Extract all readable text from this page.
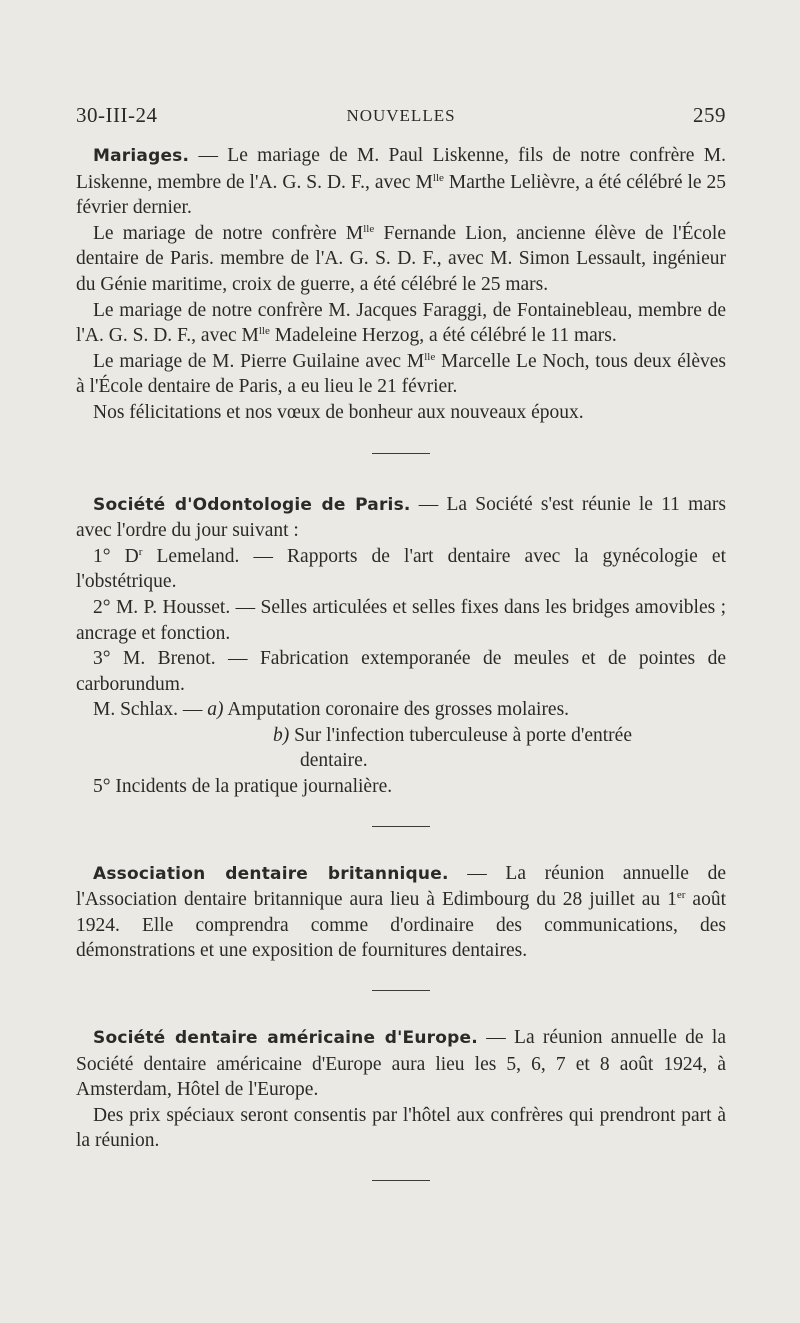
30-III-24	NOUVELLES	259

Mariages. — Le mariage de M. Paul Liskenne, fils de notre confrère M. Liskenne, membre de l'A. G. S. D. F., avec $M^{lle}$ Marthe Lelièvre, a été célébré le 25 février dernier.

Le mariage de notre confrère $M^{lle}$ Fernande Lion, ancienne élève de l'École dentaire de Paris. membre de l'A. G. S. D. F., avec M. Simon Lessault, ingénieur du Génie maritime, croix de guerre, a été célébré le 25 mars.

Le mariage de notre confrère M. Jacques Faraggi, de Fontainebleau, membre de l'A. G. S. D. F., avec $M^{lle}$ Madeleine Herzog, a été célébré le 11 mars.

Le mariage de M. Pierre Guilaine avec $M^{lle}$ Marcelle Le Noch, tous deux élèves à l'École dentaire de Paris, a eu lieu le 21 février.

Nos félicitations et nos vœux de bonheur aux nouveaux époux.

Société d'Odontologie de Paris. — La Société s'est réunie le 11 mars avec l'ordre du jour suivant :

1° $D^r$ Lemeland. — Rapports de l'art dentaire avec la gynécologie et l'obstétrique.

2° M. P. Housset. — Selles articulées et selles fixes dans les bridges amovibles ; ancrage et fonction.

3° M. Brenot. — Fabrication extemporanée de meules et de pointes de carborundum.

M. Schlax. — a) Amputation coronaire des grosses molaires.

b) Sur l'infection tuberculeuse à porte d'entrée

dentaire.

5° Incidents de la pratique journalière.

Association dentaire britannique. — La réunion annuelle de l'Association dentaire britannique aura lieu à Edimbourg du 28 juillet au 1er août 1924. Elle comprendra comme d'ordinaire des communications, des démonstrations et une exposition de fournitures dentaires.

Société dentaire américaine d'Europe. — La réunion annuelle de la Société dentaire américaine d'Europe aura lieu les 5, 6, 7 et 8 août 1924, à Amsterdam, Hôtel de l'Europe.

Des prix spéciaux seront consentis par l'hôtel aux confrères qui prendront part à la réunion.
